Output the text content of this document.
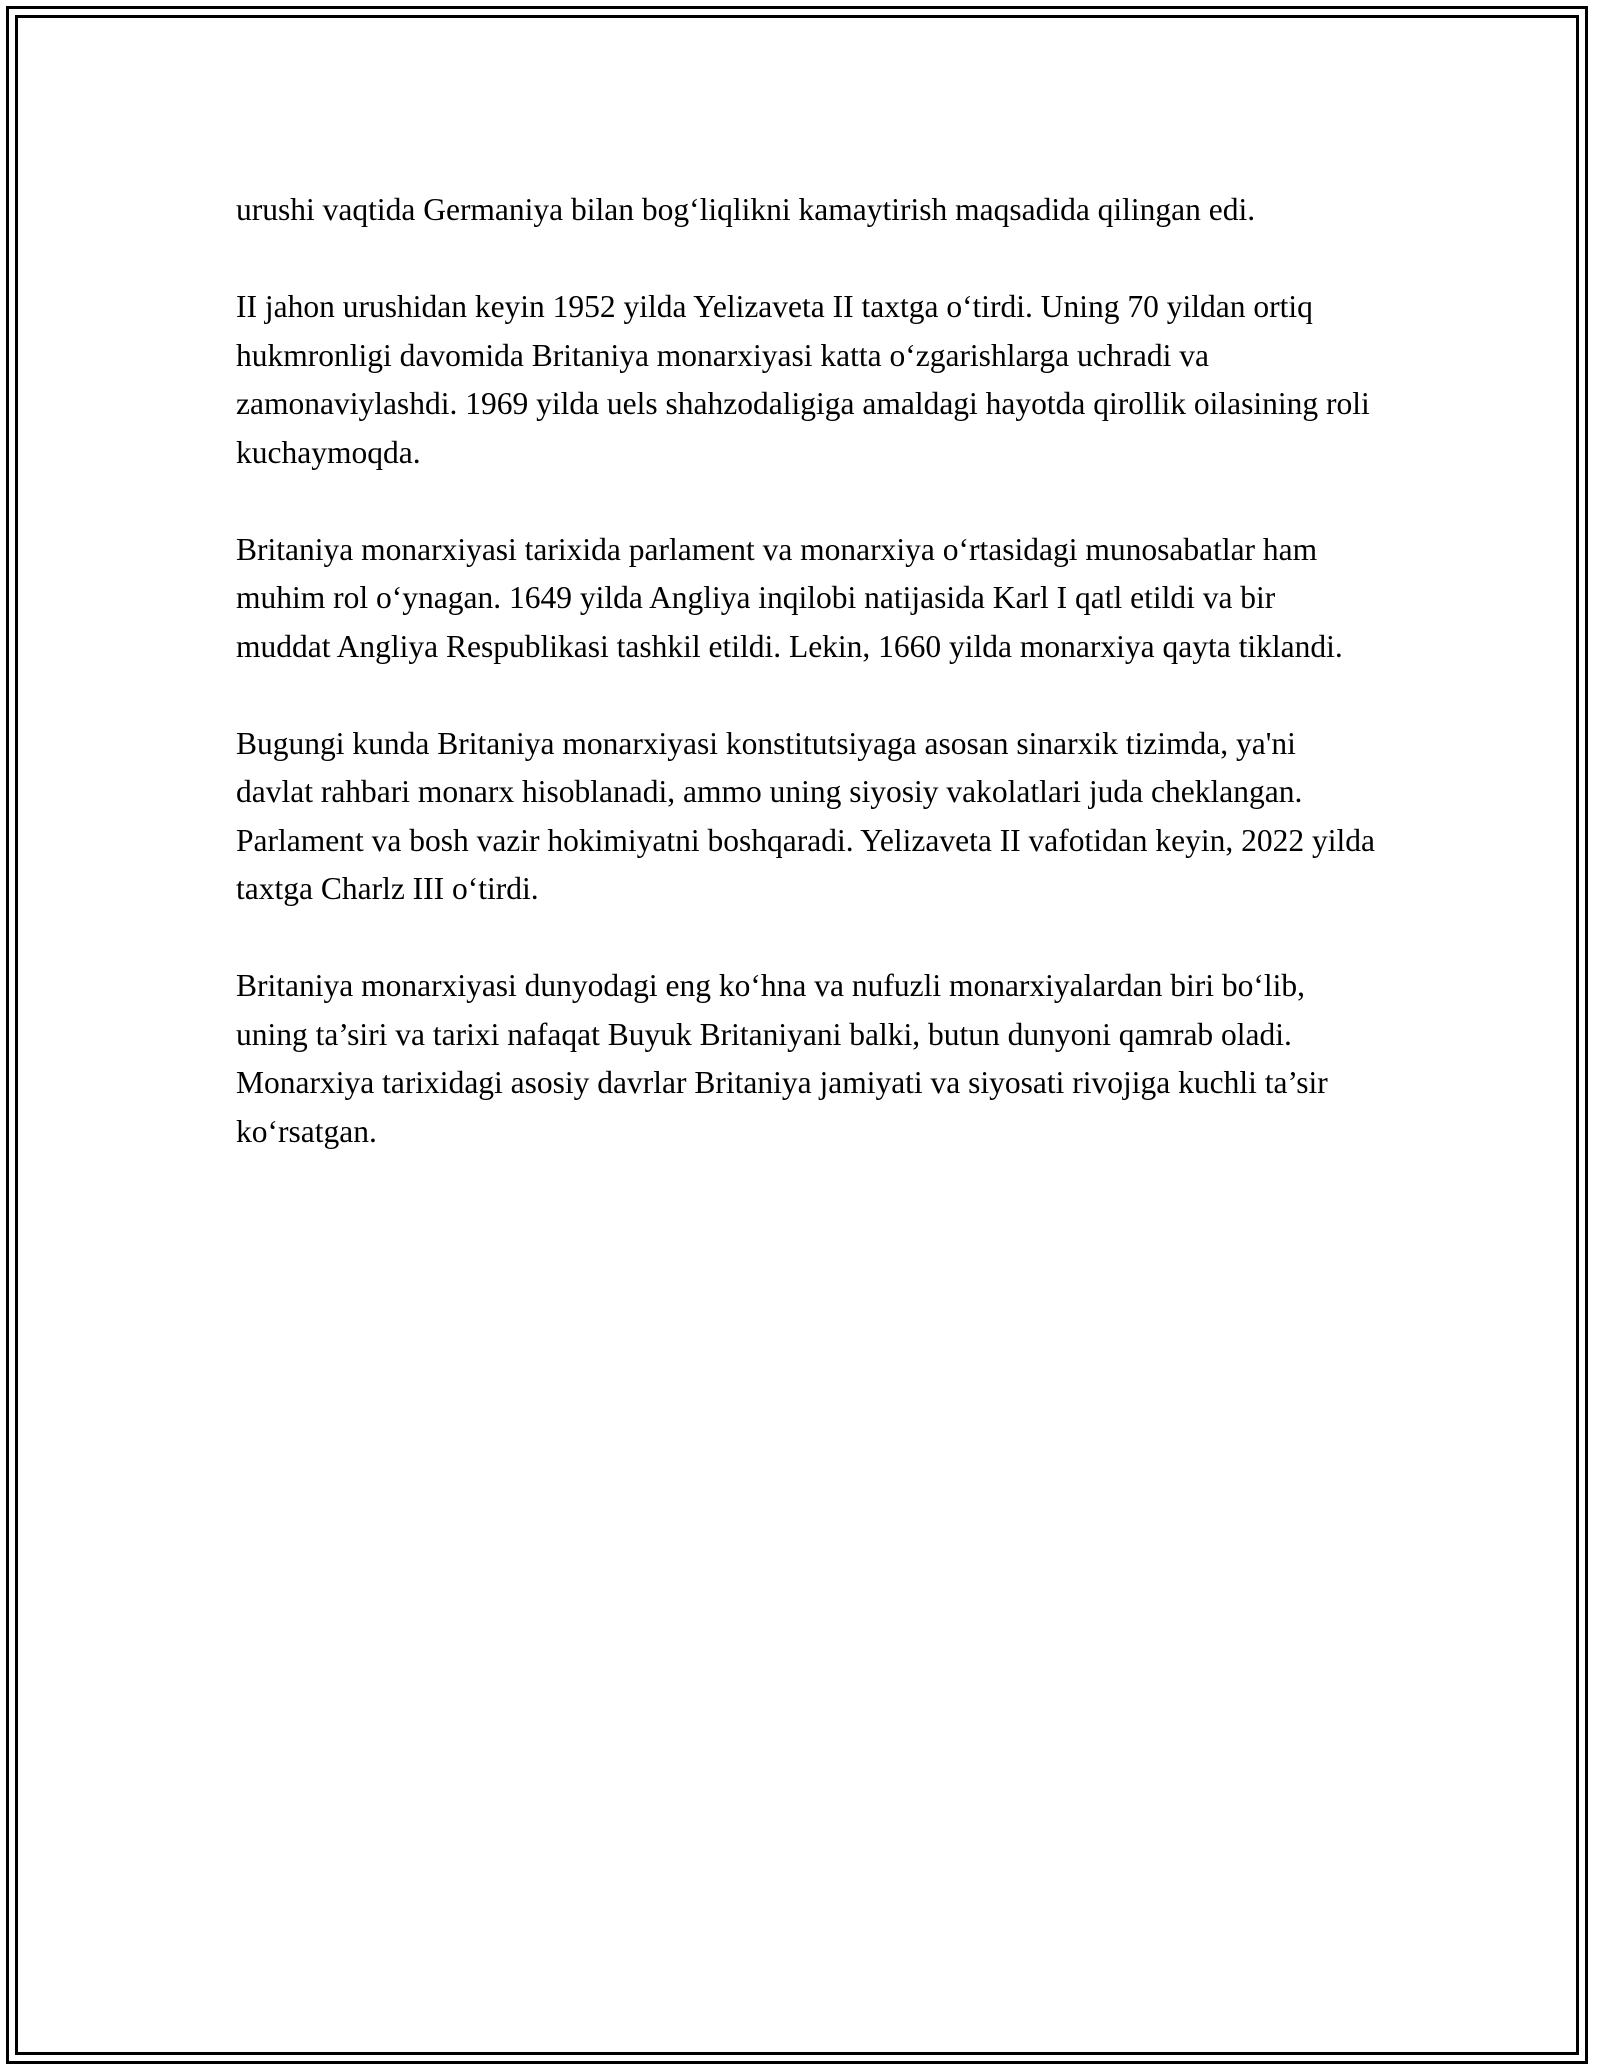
urushi vaqtida Germaniya bilan bog‘liqlikni kamaytirish maqsadida qilingan edi.

II jahon urushidan keyin 1952 yilda Yelizaveta II taxtga o‘tirdi. Uning 70 yildan ortiq hukmronligi davomida Britaniya monarxiyasi katta o‘zgarishlarga uchradi va zamonaviylashdi. 1969 yilda uels shahzodaligiga amaldagi hayotda qirollik oilasining roli kuchaymoqda.

Britaniya monarxiyasi tarixida parlament va monarxiya o‘rtasidagi munosabatlar ham muhim rol o‘ynagan. 1649 yilda Angliya inqilobi natijasida Karl I qatl etildi va bir muddat Angliya Respublikasi tashkil etildi. Lekin, 1660 yilda monarxiya qayta tiklandi.

Bugungi kunda Britaniya monarxiyasi konstitutsiyaga asosan sinarxik tizimda, ya'ni davlat rahbari monarx hisoblanadi, ammo uning siyosiy vakolatlari juda cheklangan. Parlament va bosh vazir hokimiyatni boshqaradi. Yelizaveta II vafotidan keyin, 2022 yilda taxtga Charlz III o‘tirdi.

Britaniya monarxiyasi dunyodagi eng ko‘hna va nufuzli monarxiyalardan biri bo‘lib, uning ta’siri va tarixi nafaqat Buyuk Britaniyani balki, butun dunyoni qamrab oladi. Monarxiya tarixidagi asosiy davrlar Britaniya jamiyati va siyosati rivojiga kuchli ta’sir ko‘rsatgan.
